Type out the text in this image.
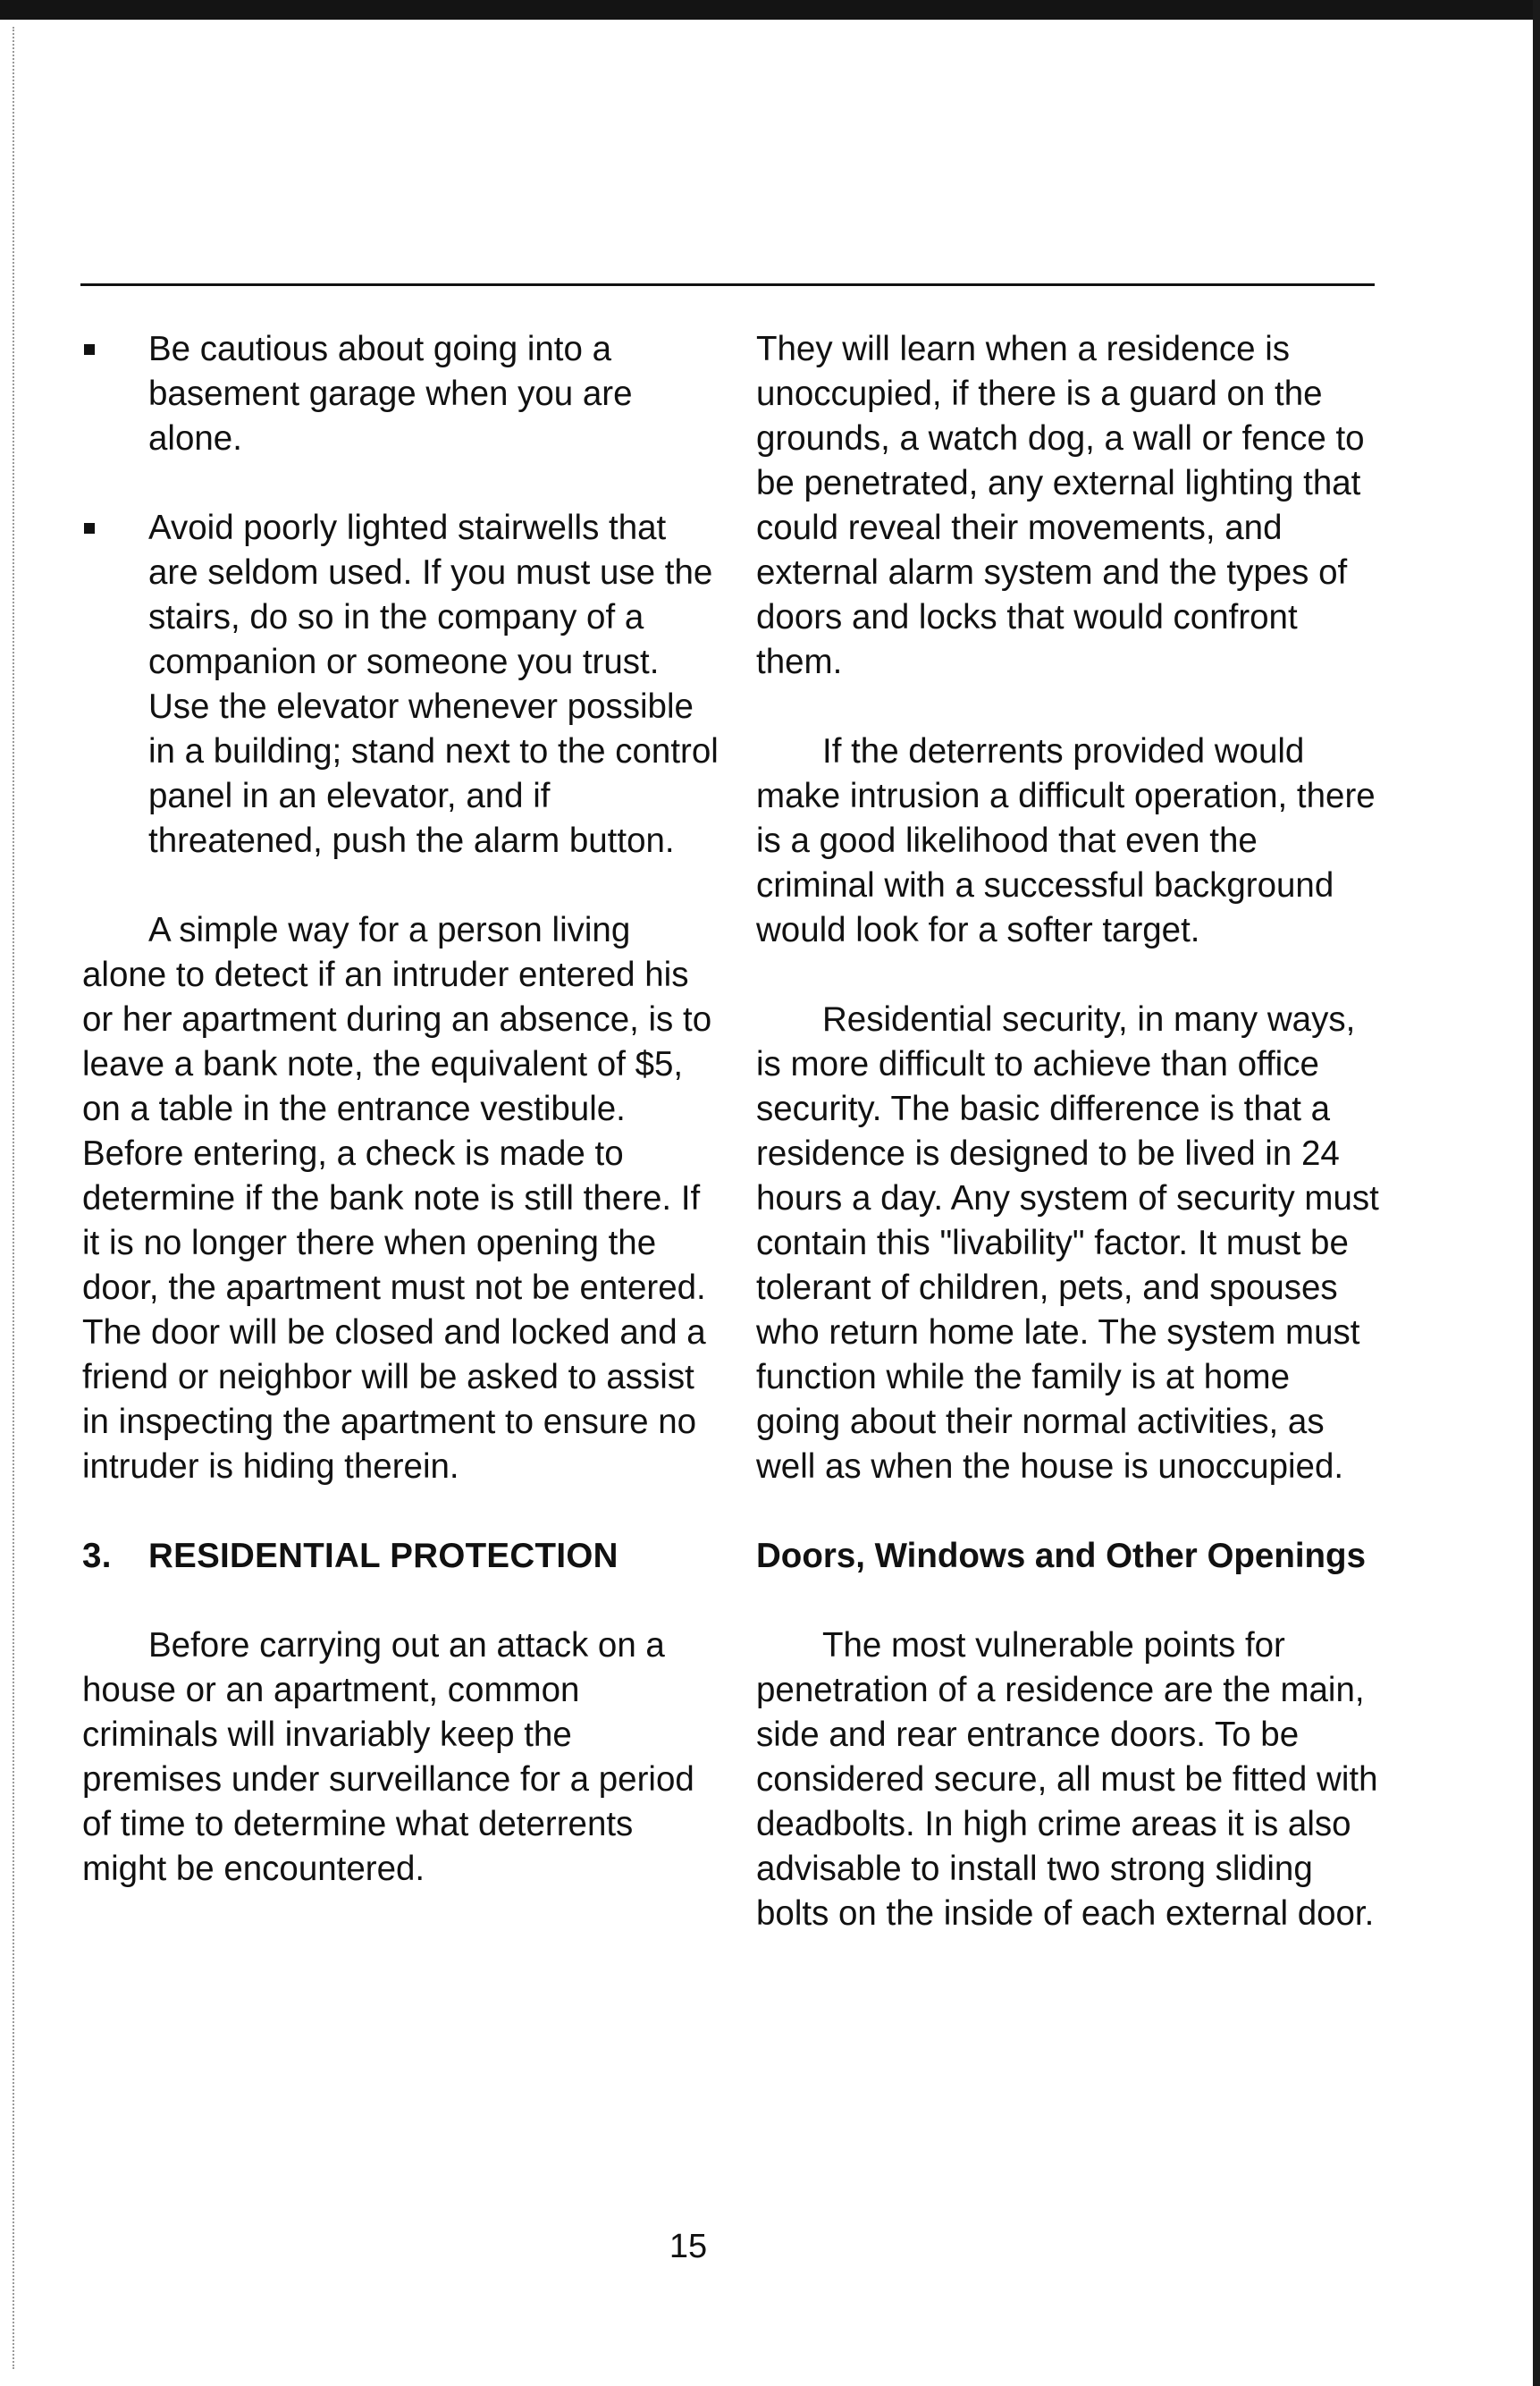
Be cautious about going into a basement garage when you are alone.
Avoid poorly lighted stairwells that are seldom used. If you must use the stairs, do so in the company of a companion or someone you trust. Use the elevator whenever possible in a building; stand next to the control panel in an elevator, and if threatened, push the alarm button.

A simple way for a person living alone to detect if an intruder entered his or her apartment during an absence, is to leave a bank note, the equivalent of $5, on a table in the entrance vestibule. Before entering, a check is made to determine if the bank note is still there. If it is no longer there when opening the door, the apartment must not be entered. The door will be closed and locked and a friend or neighbor will be asked to assist in inspecting the apartment to ensure no intruder is hiding therein.

3. RESIDENTIAL PROTECTION

Before carrying out an attack on a house or an apartment, common criminals will invariably keep the premises under surveillance for a period of time to determine what deterrents might be encountered.

They will learn when a residence is unoccupied, if there is a guard on the grounds, a watch dog, a wall or fence to be penetrated, any external lighting that could reveal their movements, and external alarm system and the types of doors and locks that would confront them.

If the deterrents provided would make intrusion a difficult operation, there is a good likelihood that even the criminal with a successful background would look for a softer target.

Residential security, in many ways, is more difficult to achieve than office security. The basic difference is that a residence is designed to be lived in 24 hours a day. Any system of security must contain this "livability" factor. It must be tolerant of children, pets, and spouses who return home late. The system must function while the family is at home going about their normal activities, as well as when the house is unoccupied.

Doors, Windows and Other Openings

The most vulnerable points for penetration of a residence are the main, side and rear entrance doors. To be considered secure, all must be fitted with deadbolts. In high crime areas it is also advisable to install two strong sliding bolts on the inside of each external door.

15
